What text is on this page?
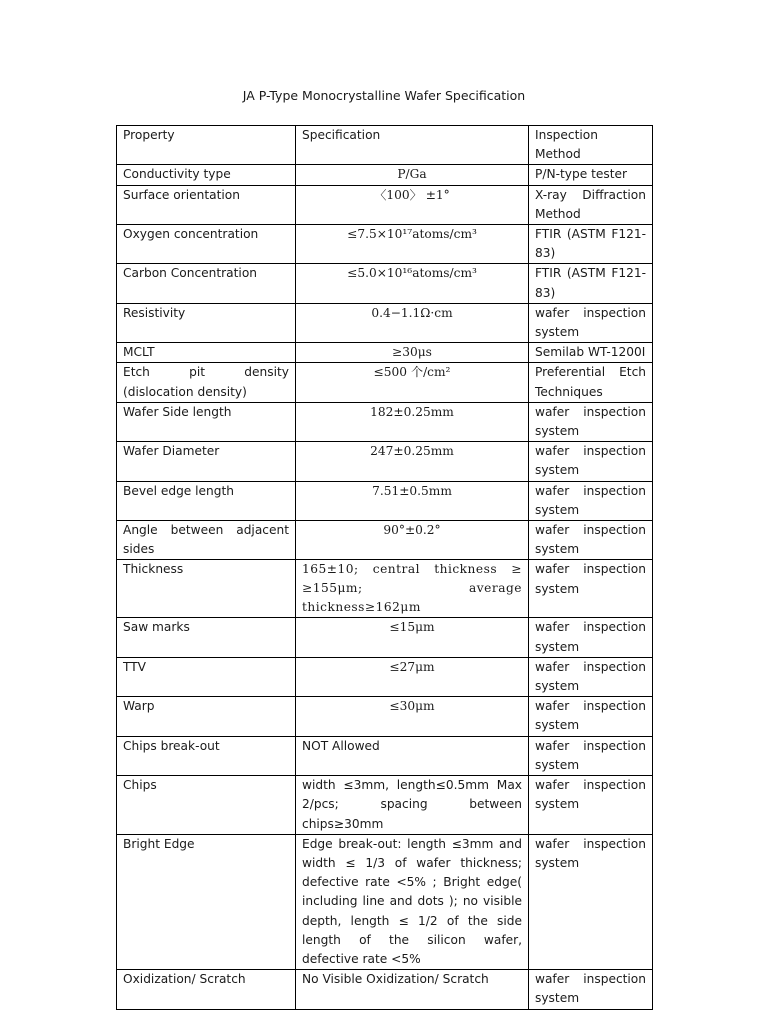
JA P-Type Monocrystalline Wafer Specification
Property	Specification	Inspection Method
Conductivity type	P/Ga	P/N-type tester
Surface orientation	〈100〉 ±1°	X-ray Diffraction Method
Oxygen concentration	≤7.5×10¹⁷atoms/cm³	FTIR (ASTM F121-83)
Carbon Concentration	≤5.0×10¹⁶atoms/cm³	FTIR (ASTM F121-83)
Resistivity	0.4−1.1Ω·cm	wafer inspection system
MCLT	≥30μs	Semilab WT-1200I
Etch pit density (dislocation density)	≤500 个/cm²	Preferential Etch Techniques
Wafer Side length	182±0.25mm	wafer inspection system
Wafer Diameter	247±0.25mm	wafer inspection system
Bevel edge length	7.51±0.5mm	wafer inspection system
Angle between adjacent sides	90°±0.2°	wafer inspection system
Thickness	165±10; central thickness ≥ ≥155μm; average thickness≥162μm	wafer inspection system
Saw marks	≤15μm	wafer inspection system
TTV	≤27μm	wafer inspection system
Warp	≤30μm	wafer inspection system
Chips break-out	NOT Allowed	wafer inspection system
Chips	width ≤3mm, length≤0.5mm Max 2/pcs; spacing between chips≥30mm	wafer inspection system
Bright Edge	Edge break-out: length ≤3mm and width ≤ 1/3 of wafer thickness; defective rate <5% ; Bright edge( including line and dots ); no visible depth, length ≤ 1/2 of the side length of the silicon wafer, defective rate <5%	wafer inspection system
Oxidization/ Scratch	No Visible Oxidization/ Scratch	wafer inspection system
